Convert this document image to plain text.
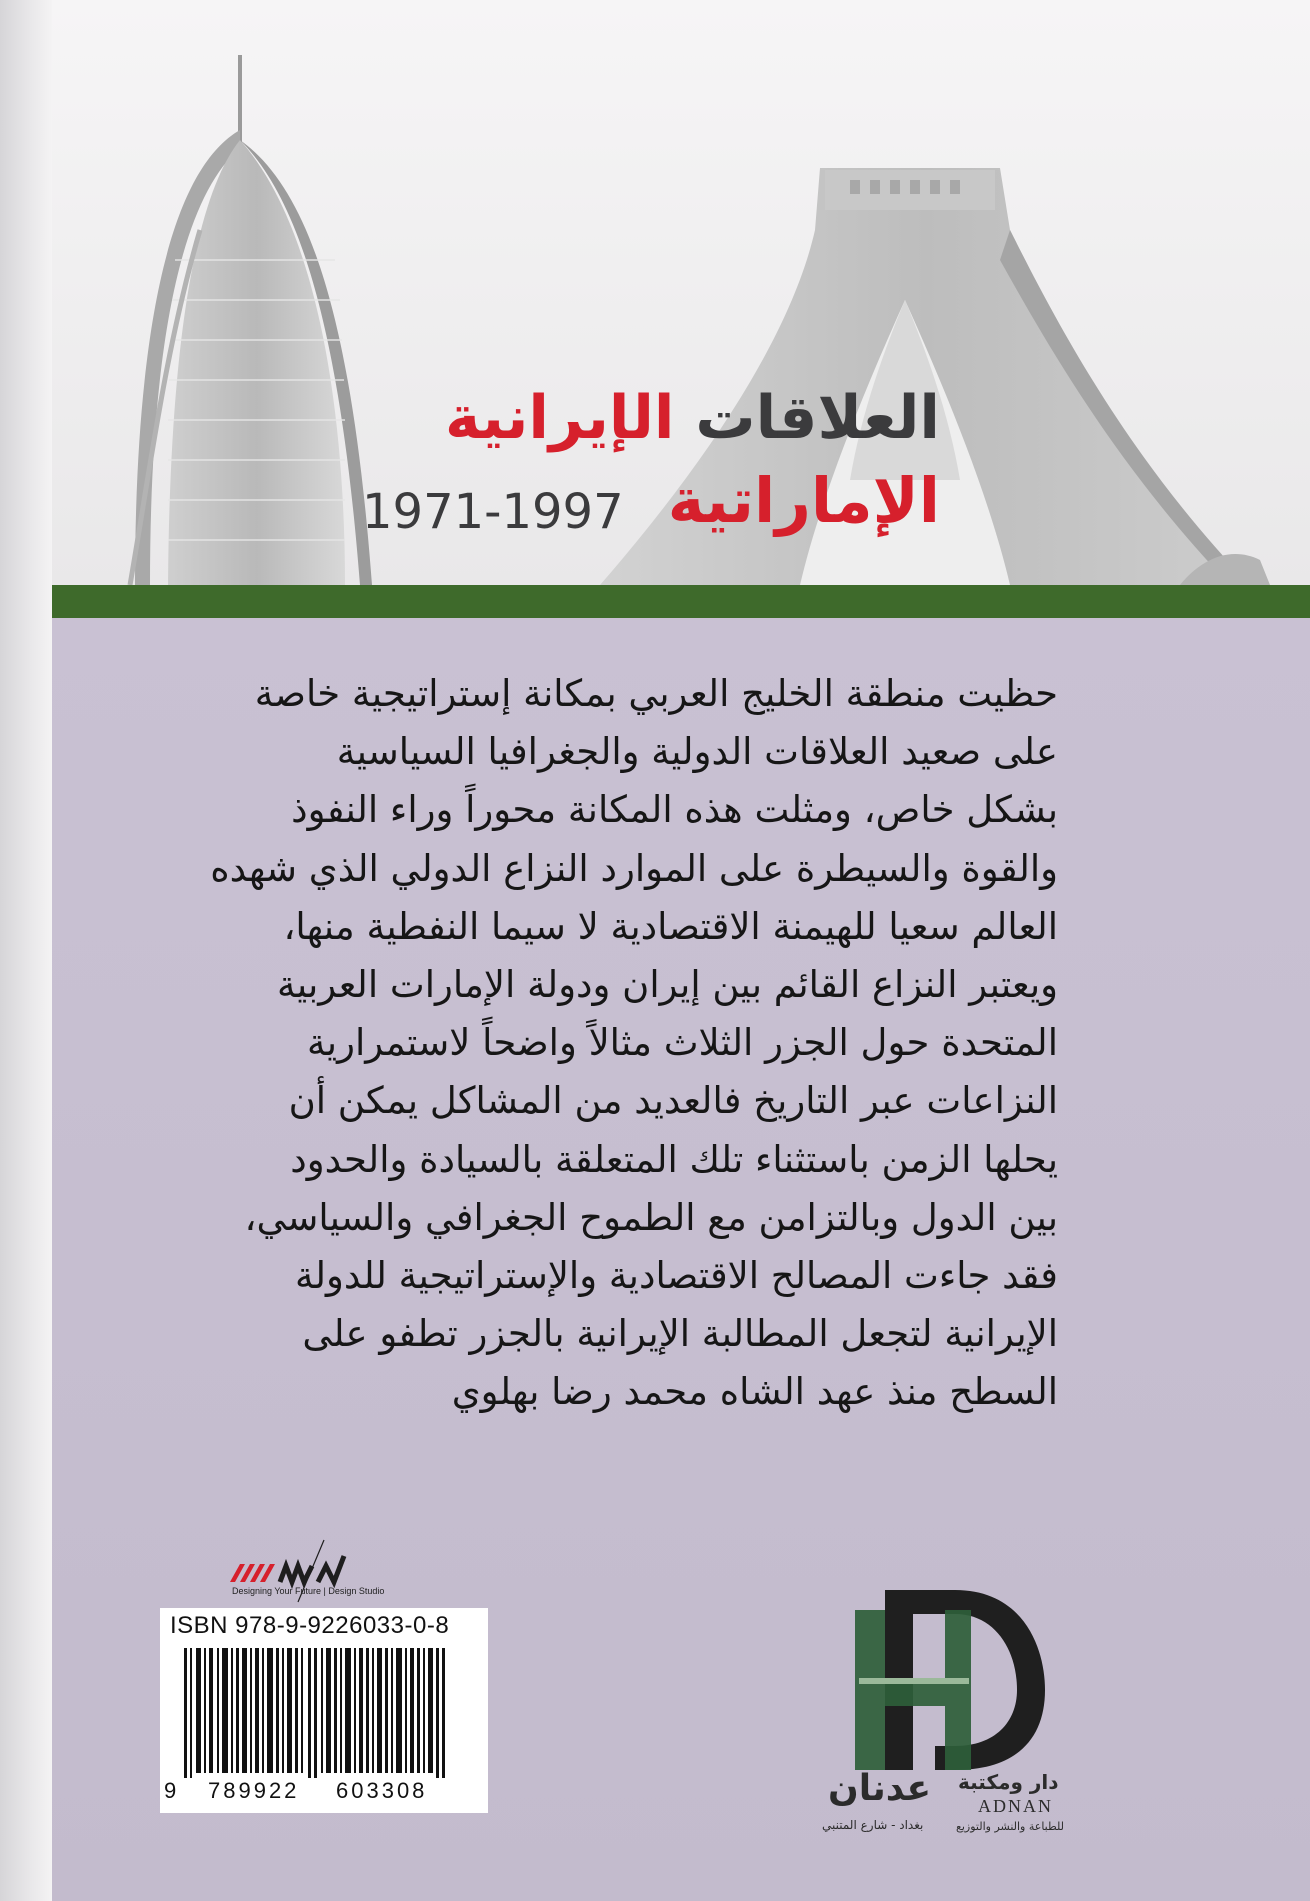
العلاقات الإيرانية
الإماراتية
1971-1997
حظيت منطقة الخليج العربي بمكانة إستراتيجية خاصة
على صعيد العلاقات الدولية والجغرافيا السياسية
بشكل خاص، ومثلت هذه المكانة محوراً وراء النفوذ
والقوة والسيطرة على الموارد النزاع الدولي الذي شهده
العالم سعيا للهيمنة الاقتصادية لا سيما النفطية منها،
ويعتبر النزاع القائم بين إيران ودولة الإمارات العربية
المتحدة حول الجزر الثلاث مثالاً واضحاً لاستمرارية
النزاعات عبر التاريخ فالعديد من المشاكل يمكن أن
يحلها الزمن باستثناء تلك المتعلقة بالسيادة والحدود
بين الدول وبالتزامن مع الطموح الجغرافي والسياسي،
فقد جاءت المصالح الاقتصادية والإستراتيجية للدولة
الإيرانية لتجعل المطالبة الإيرانية بالجزر تطفو على
السطح منذ عهد الشاه محمد رضا بهلوي
Designing Your Future | Design Studio
ISBN 978-9-9226033-0-8
9 789922 603308	عدنان
بغداد - شارع المتنبي
دار ومكتبة
ADNAN
للطباعة والنشر والتوزيع
